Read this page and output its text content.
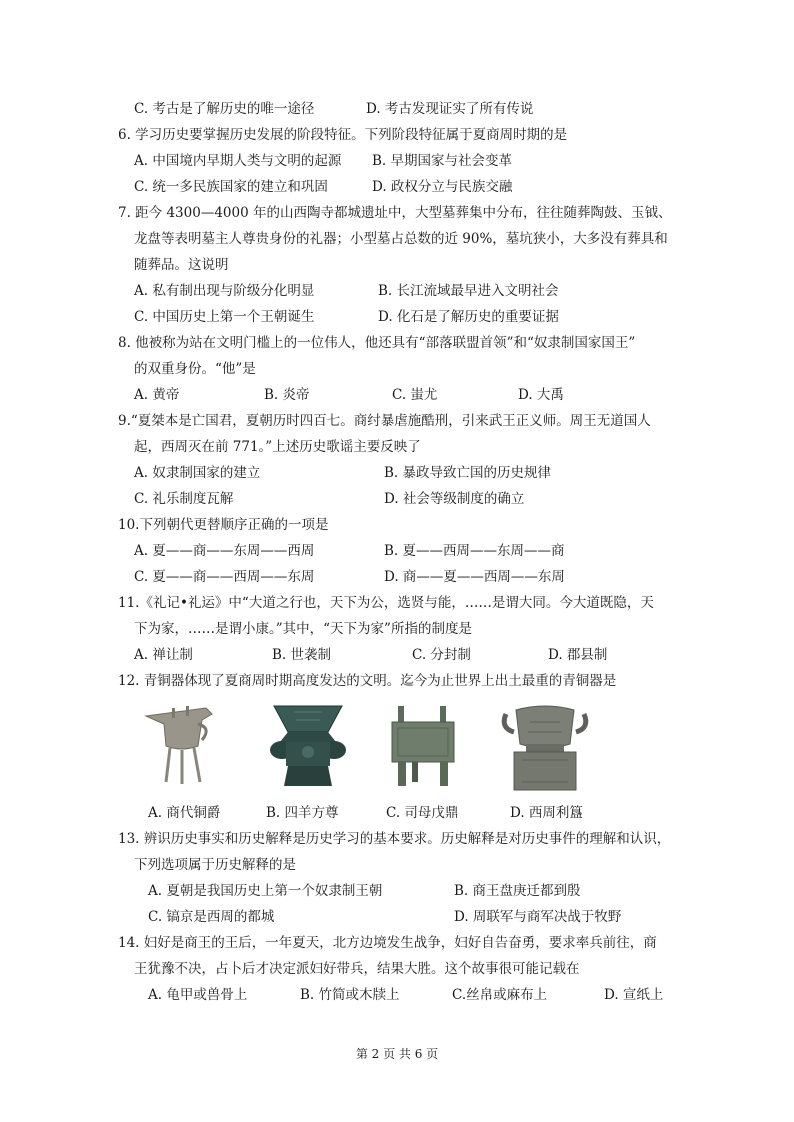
C. 考古是了解历史的唯一途径	D. 考古发现证实了所有传说
6. 学习历史要掌握历史发展的阶段特征。下列阶段特征属于夏商周时期的是
A. 中国境内早期人类与文明的起源 B. 早期国家与社会变革
C. 统一多民族国家的建立和巩固	D. 政权分立与民族交融
7. 距今 4300—4000 年的山西陶寺都城遗址中，大型墓葬集中分布，往往随葬陶鼓、玉钺、
龙盘等表明墓主人尊贵身份的礼器；小型墓占总数的近 90%，墓坑狭小，大多没有葬具和
随葬品。这说明
A. 私有制出现与阶级分化明显	B. 长江流域最早进入文明社会
C. 中国历史上第一个王朝诞生	D. 化石是了解历史的重要证据
8. 他被称为站在文明门槛上的一位伟人，他还具有“部落联盟首领”和“奴隶制国家国王”
的双重身份。“他”是
A. 黄帝	B. 炎帝	C. 蚩尤	D. 大禹
9.“夏桀本是亡国君，夏朝历时四百七。商纣暴虐施酷刑，引来武王正义师。周王无道国人
起，西周灭在前 771。”上述历史歌谣主要反映了
A. 奴隶制国家的建立	B. 暴政导致亡国的历史规律
C. 礼乐制度瓦解	D. 社会等级制度的确立
10.下列朝代更替顺序正确的一项是
A. 夏——商——东周——西周	B. 夏——西周——东周——商
C. 夏——商——西周——东周	D. 商——夏——西周——东周
11.《礼记•礼运》中“大道之行也，天下为公，选贤与能，……是谓大同。今大道既隐，天
下为家，……是谓小康。”其中，“天下为家”所指的制度是
A. 禅让制	B. 世袭制	C. 分封制	D. 郡县制
12. 青铜器体现了夏商周时期高度发达的文明。迄今为止世界上出土最重的青铜器是
A. 商代铜爵	B. 四羊方尊	C. 司母戊鼎	D. 西周利簋
13. 辨识历史事实和历史解释是历史学习的基本要求。历史解释是对历史事件的理解和认识，
下列选项属于历史解释的是
A. 夏朝是我国历史上第一个奴隶制王朝	B. 商王盘庚迁都到殷
C. 镐京是西周的都城	D. 周联军与商军决战于牧野
14. 妇好是商王的王后，一年夏天，北方边境发生战争，妇好自告奋勇，要求率兵前往，商
王犹豫不决，占卜后才决定派妇好带兵，结果大胜。这个故事很可能记载在
A. 龟甲或兽骨上	B. 竹简或木牍上	C.丝帛或麻布上	D. 宣纸上
第 2 页 共 6 页
